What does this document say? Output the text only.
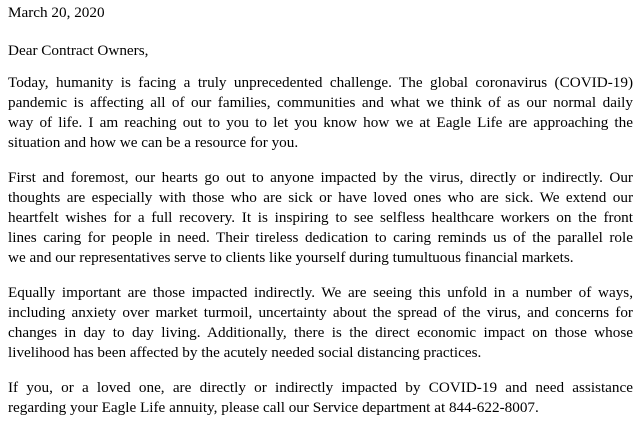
March 20, 2020
Dear Contract Owners,
Today, humanity is facing a truly unprecedented challenge. The global coronavirus (COVID-19)
pandemic is affecting all of our families, communities and what we think of as our normal daily
way of life. I am reaching out to you to let you know how we at Eagle Life are approaching the
situation and how we can be a resource for you.
First and foremost, our hearts go out to anyone impacted by the virus, directly or indirectly. Our
thoughts are especially with those who are sick or have loved ones who are sick. We extend our
heartfelt wishes for a full recovery. It is inspiring to see selfless healthcare workers on the front
lines caring for people in need. Their tireless dedication to caring reminds us of the parallel role
we and our representatives serve to clients like yourself during tumultuous financial markets.
Equally important are those impacted indirectly. We are seeing this unfold in a number of ways,
including anxiety over market turmoil, uncertainty about the spread of the virus, and concerns for
changes in day to day living. Additionally, there is the direct economic impact on those whose
livelihood has been affected by the acutely needed social distancing practices.
If you, or a loved one, are directly or indirectly impacted by COVID-19 and need assistance
regarding your Eagle Life annuity, please call our Service department at 844-622-8007.
